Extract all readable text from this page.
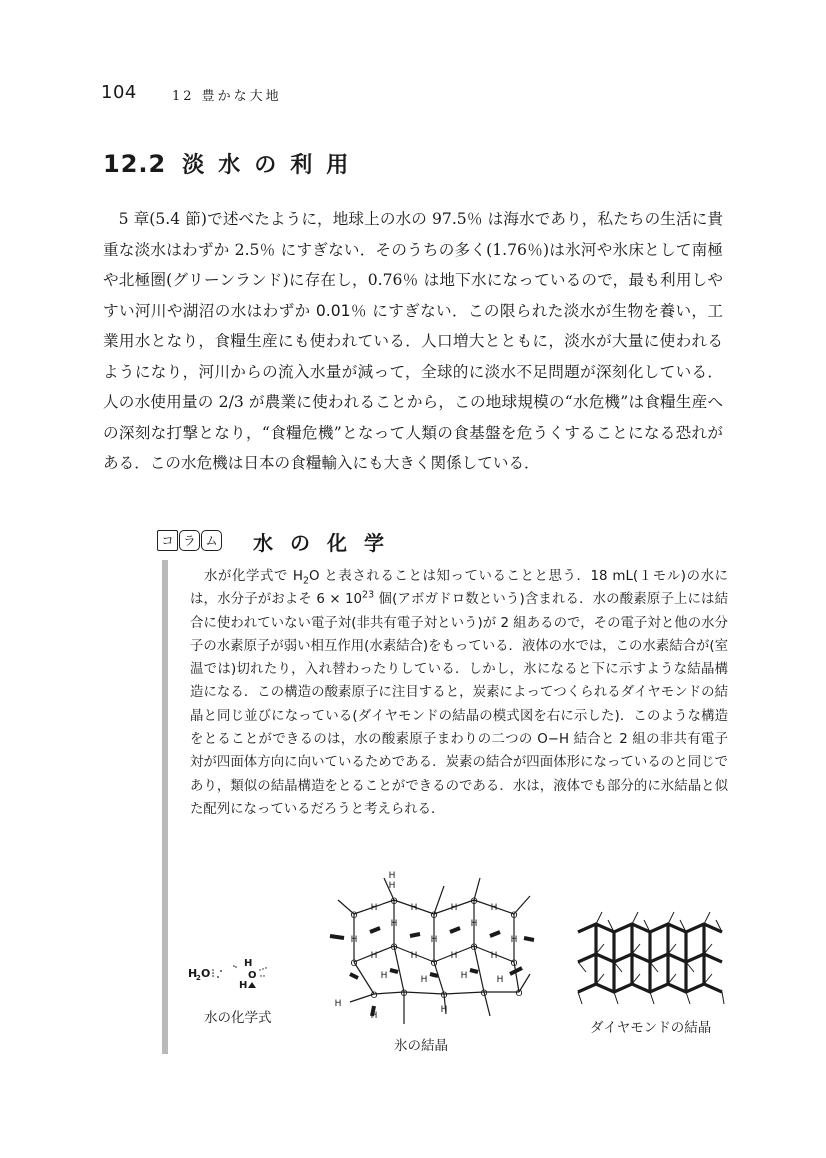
104	12 豊かな大地
12.2 淡水の利用

5 章(5.4 節)で述べたように，地球上の水の 97.5％ は海水であり，私たちの生活に貴重な淡水はわずか 2.5％ にすぎない．そのうちの多く(1.76％)は氷河や氷床として南極や北極圏(グリーンランド)に存在し，0.76％ は地下水になっているので，最も利用しやすい河川や湖沼の水はわずか 0.01％ にすぎない．この限られた淡水が生物を養い，工業用水となり，食糧生産にも使われている．人口増大とともに，淡水が大量に使われるようになり，河川からの流入水量が減って，全球的に淡水不足問題が深刻化している．人の水使用量の 2/3 が農業に使われることから，この地球規模の“水危機”は食糧生産への深刻な打撃となり，“食糧危機”となって人類の食基盤を危うくすることになる恐れがある．この水危機は日本の食糧輸入にも大きく関係している．

コ ラ ム 水の化学

　水が化学式で $H_2O$ と表されることは知っていることと思う．18 mL(１モル)の水には，水分子がおよそ $6 \times 10^{23}$ 個(アボガドロ数という)含まれる．水の酸素原子上には結合に使われていない電子対(非共有電子対という)が 2 組あるので，その電子対と他の水分子の水素原子が弱い相互作用(水素結合)をもっている．液体の水では，この水素結合が(室温では)切れたり，入れ替わったりしている．しかし，氷になると下に示すような結晶構造になる．この構造の酸素原子に注目すると，炭素によってつくられるダイヤモンドの結晶と同じ並びになっている(ダイヤモンドの結晶の模式図を右に示した)．このような構造をとることができるのは，水の酸素原子まわりの二つの O−H 結合と 2 組の非共有電子対が四面体方向に向いているためである．炭素の結合が四面体形になっているのと同じであり，類似の結晶構造をとることができるのである．水は，液体でも部分的に氷結晶と似た配列になっているだろうと考えられる．

H
2 O
H
O
H
水の化学式
O
O
O
O
O
O
O
O
O
O
O	O	O	O	O
H	H	H	H
H	H
H	H	H
H	H	H	H
H	H	H	H
H
H
H
H
H
氷の結晶
ダイヤモンドの結晶
